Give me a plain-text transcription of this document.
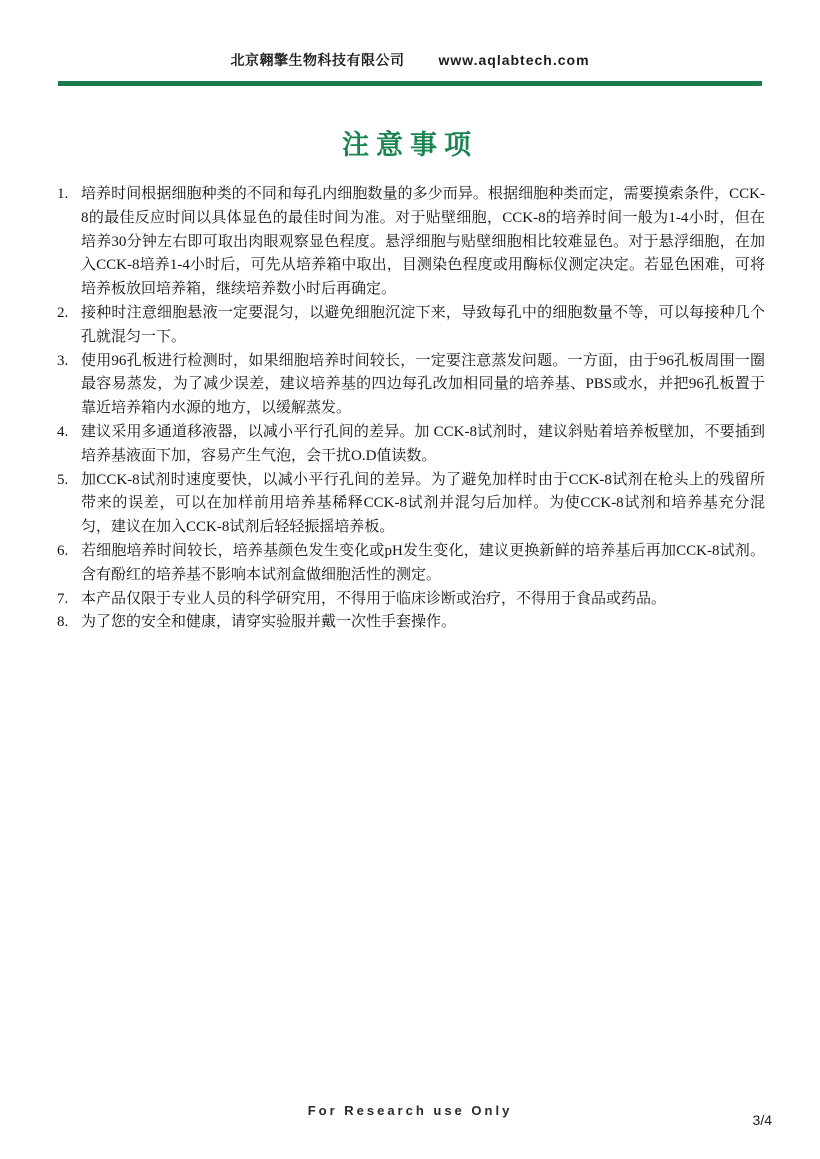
北京翱擎生物科技有限公司 www.aqlabtech.com
注意事项
1. 培养时间根据细胞种类的不同和每孔内细胞数量的多少而异。根据细胞种类而定，需要摸索条件，CCK-8的最佳反应时间以具体显色的最佳时间为准。对于贴壁细胞，CCK-8的培养时间一般为1-4小时，但在培养30分钟左右即可取出肉眼观察显色程度。悬浮细胞与贴壁细胞相比较难显色。对于悬浮细胞，在加入CCK-8培养1-4小时后，可先从培养箱中取出，目测染色程度或用酶标仪测定决定。若显色困难，可将培养板放回培养箱，继续培养数小时后再确定。
2. 接种时注意细胞悬液一定要混匀，以避免细胞沉淀下来，导致每孔中的细胞数量不等，可以每接种几个孔就混匀一下。
3. 使用96孔板进行检测时，如果细胞培养时间较长，一定要注意蒸发问题。一方面，由于96孔板周围一圈最容易蒸发，为了减少误差，建议培养基的四边每孔改加相同量的培养基、PBS或水，并把96孔板置于靠近培养箱内水源的地方，以缓解蒸发。
4. 建议采用多通道移液器，以减小平行孔间的差异。加 CCK-8试剂时，建议斜贴着培养板壁加，不要插到培养基液面下加，容易产生气泡，会干扰O.D值读数。
5. 加CCK-8试剂时速度要快，以减小平行孔间的差异。为了避免加样时由于CCK-8试剂在枪头上的残留所带来的误差，可以在加样前用培养基稀释CCK-8试剂并混匀后加样。为使CCK-8试剂和培养基充分混匀，建议在加入CCK-8试剂后轻轻振摇培养板。
6. 若细胞培养时间较长，培养基颜色发生变化或pH发生变化，建议更换新鲜的培养基后再加CCK-8试剂。含有酚红的培养基不影响本试剂盒做细胞活性的测定。
7. 本产品仅限于专业人员的科学研究用，不得用于临床诊断或治疗，不得用于食品或药品。
8. 为了您的安全和健康，请穿实验服并戴一次性手套操作。
For Research use Only
3/4
